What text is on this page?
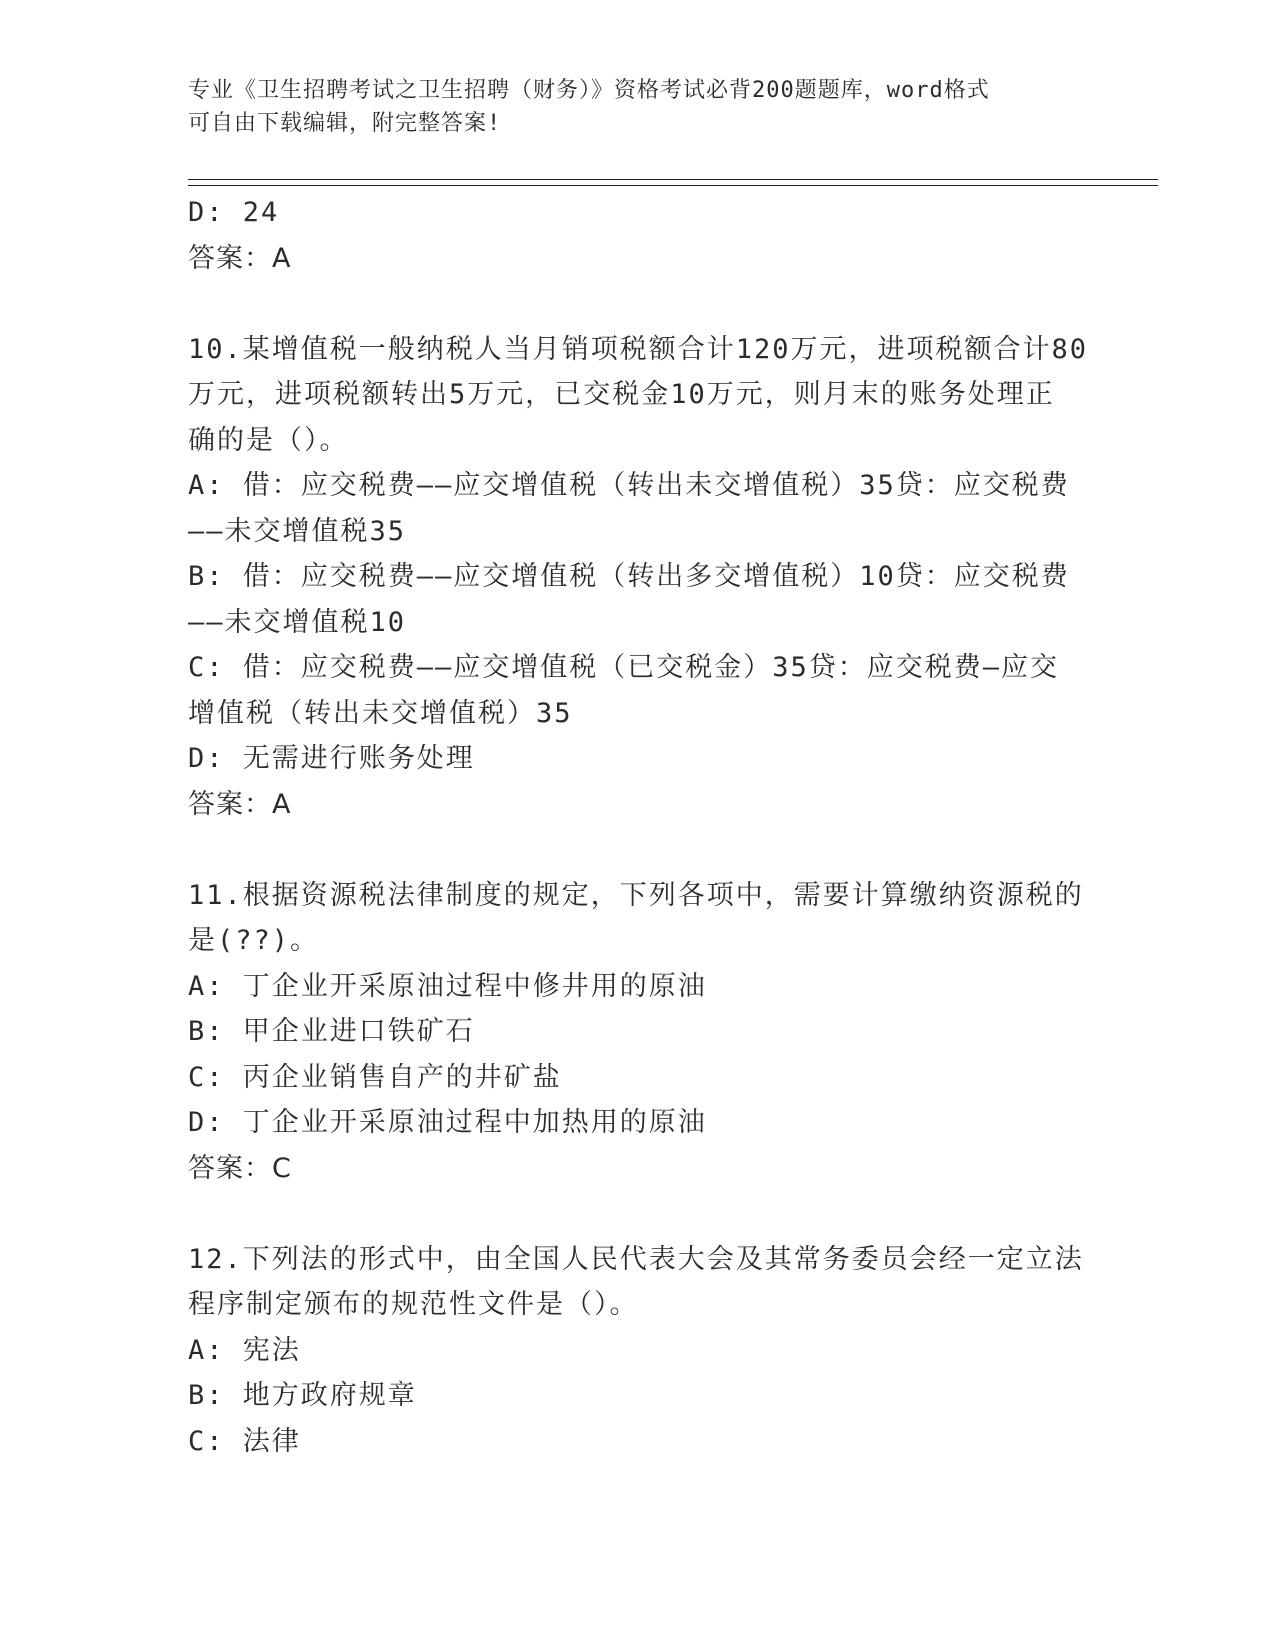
专业《卫生招聘考试之卫生招聘（财务）》资格考试必背200题题库，word格式
可自由下载编辑，附完整答案!
D: 24
答案：A
10.某增值税一般纳税人当月销项税额合计120万元，进项税额合计80
万元，进项税额转出5万元，已交税金10万元，则月末的账务处理正
确的是（）。
A: 借：应交税费——应交增值税（转出未交增值税）35贷：应交税费
——未交增值税35
B: 借：应交税费——应交增值税（转出多交增值税）10贷：应交税费
——未交增值税10
C: 借：应交税费——应交增值税（已交税金）35贷：应交税费—应交
增值税（转出未交增值税）35
D: 无需进行账务处理
答案：A
11.根据资源税法律制度的规定，下列各项中，需要计算缴纳资源税的
是(??)。
A: 丁企业开采原油过程中修井用的原油
B: 甲企业进口铁矿石
C: 丙企业销售自产的井矿盐
D: 丁企业开采原油过程中加热用的原油
答案：C
12.下列法的形式中，由全国人民代表大会及其常务委员会经一定立法
程序制定颁布的规范性文件是（）。
A: 宪法
B: 地方政府规章
C: 法律
